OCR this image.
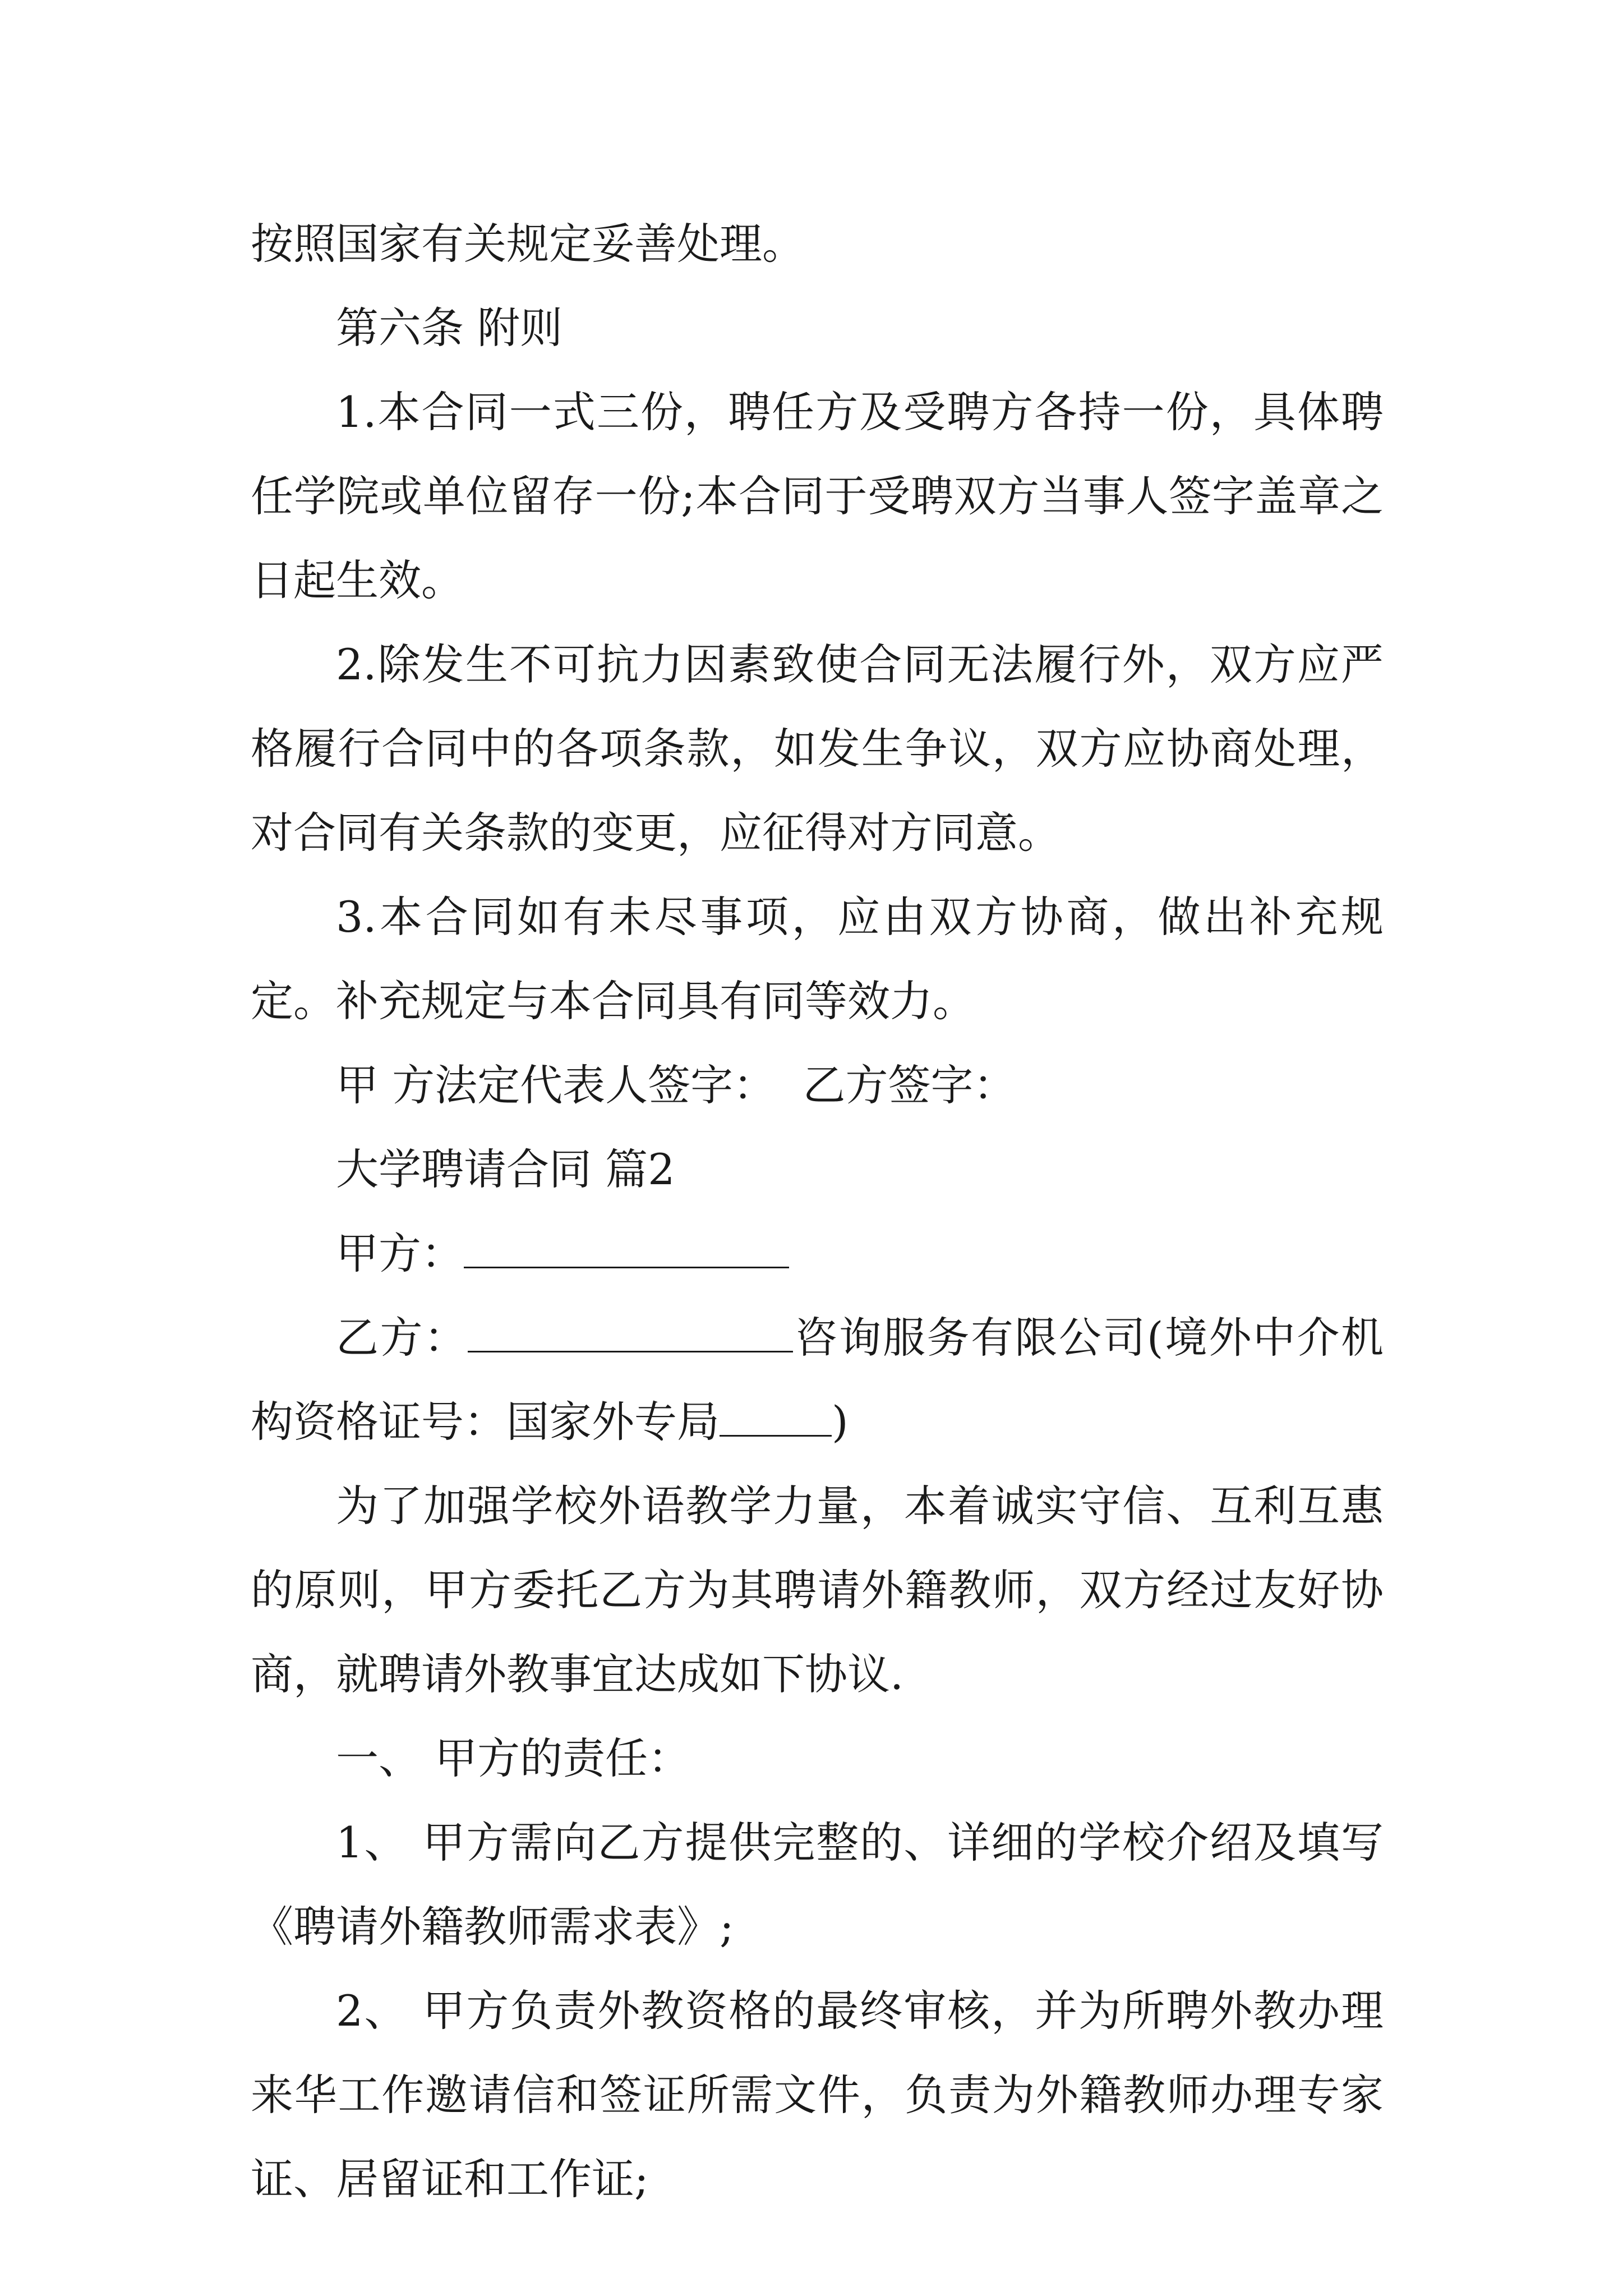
按照国家有关规定妥善处理。

第六条 附则

1.本合同一式三份，聘任方及受聘方各持一份，具体聘任学院或单位留存一份;本合同于受聘双方当事人签字盖章之日起生效。

2.除发生不可抗力因素致使合同无法履行外，双方应严格履行合同中的各项条款，如发生争议，双方应协商处理，对合同有关条款的变更，应征得对方同意。

3.本合同如有未尽事项，应由双方协商，做出补充规定。补充规定与本合同具有同等效力。

甲 方法定代表人签字：  乙方签字：

大学聘请合同 篇2

甲方：

乙方：	咨询服务有限公司(境外中介机构资格证号：国家外专局	)

为了加强学校外语教学力量，本着诚实守信、互利互惠的原则，甲方委托乙方为其聘请外籍教师，双方经过友好协商，就聘请外教事宜达成如下协议.

一、 甲方的责任：

1、 甲方需向乙方提供完整的、详细的学校介绍及填写《聘请外籍教师需求表》;

2、 甲方负责外教资格的最终审核，并为所聘外教办理来华工作邀请信和签证所需文件，负责为外籍教师办理专家证、居留证和工作证;
